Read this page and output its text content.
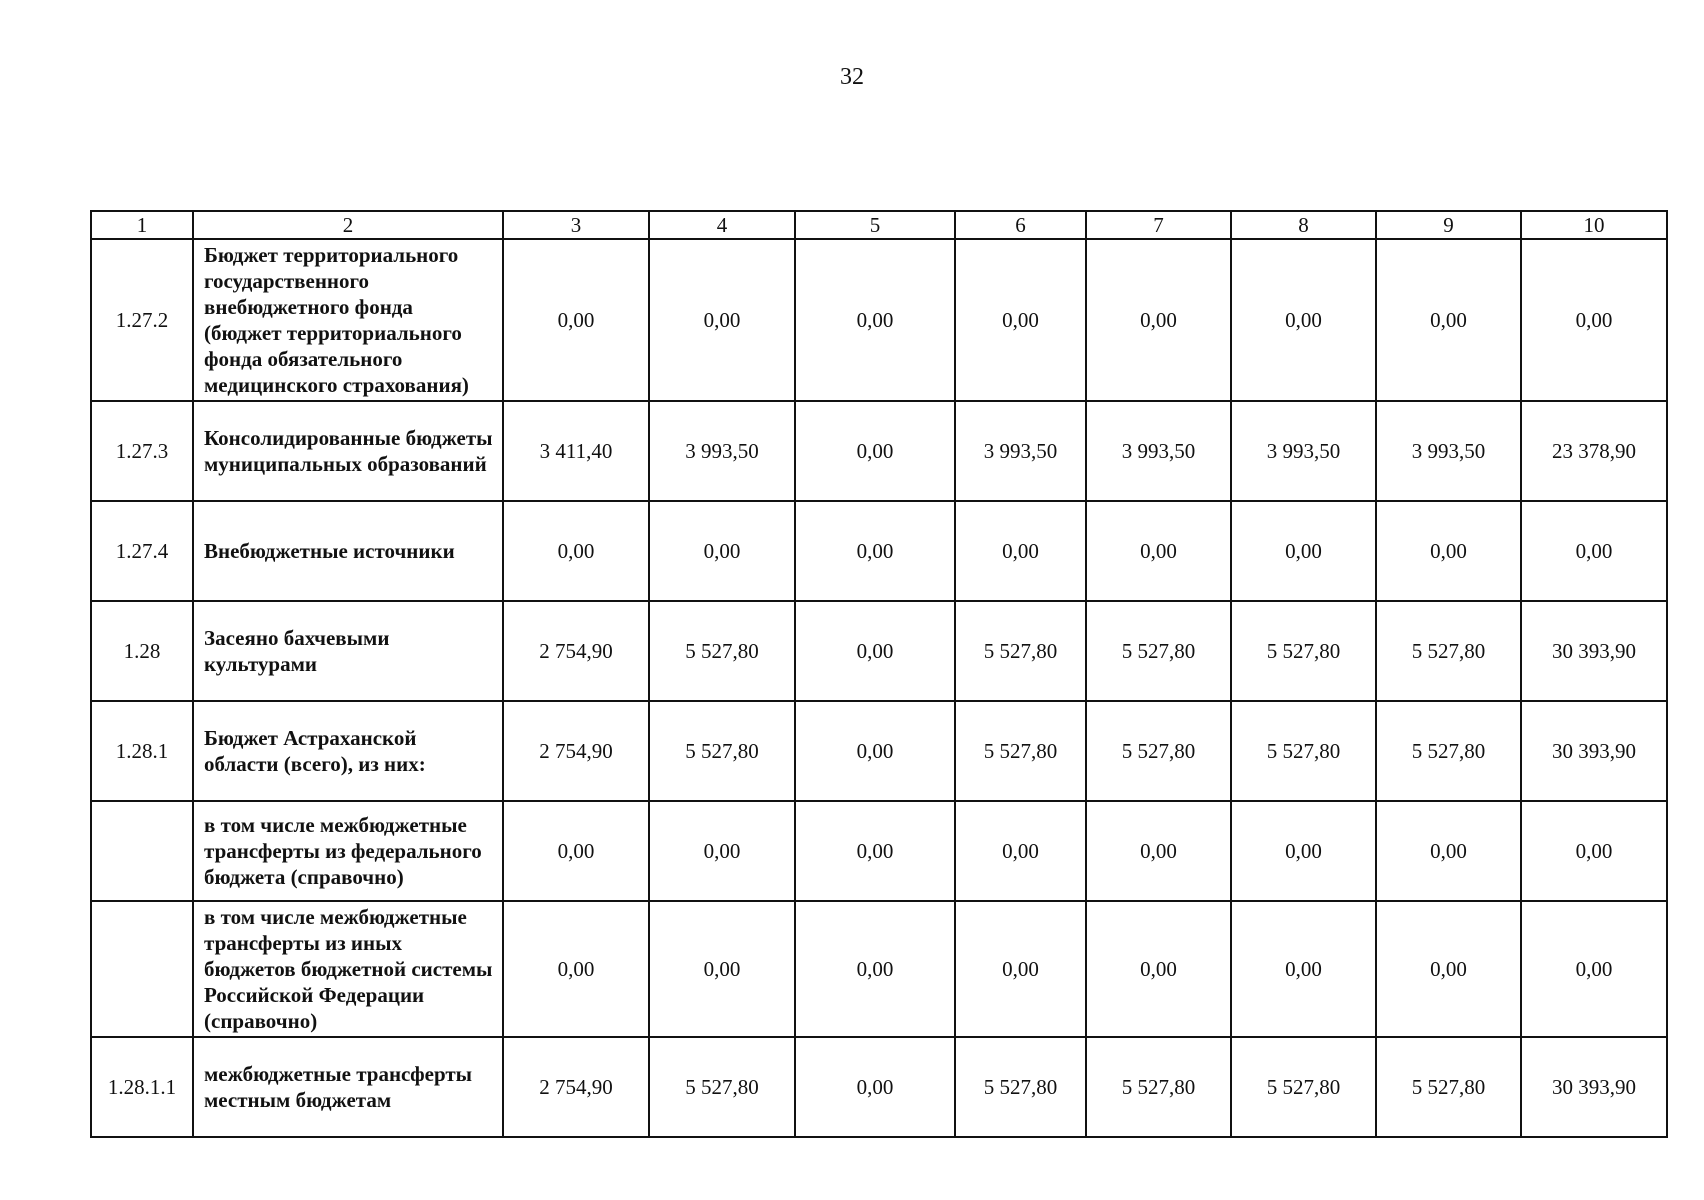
32
1	2	3	4	5	6	7	8	9	10
1.27.2	Бюджет территориального государственного внебюджетного фонда (бюджет территориального фонда обязательного медицинского страхования)	0,00	0,00	0,00	0,00	0,00	0,00	0,00	0,00
1.27.3	Консолидированные бюджеты муниципальных образований	3 411,40	3 993,50	0,00	3 993,50	3 993,50	3 993,50	3 993,50	23 378,90
1.27.4	Внебюджетные источники	0,00	0,00	0,00	0,00	0,00	0,00	0,00	0,00
1.28	Засеяно бахчевыми культурами	2 754,90	5 527,80	0,00	5 527,80	5 527,80	5 527,80	5 527,80	30 393,90
1.28.1	Бюджет Астраханской области (всего), из них:	2 754,90	5 527,80	0,00	5 527,80	5 527,80	5 527,80	5 527,80	30 393,90
	в том числе межбюджетные трансферты из федерального бюджета (справочно)	0,00	0,00	0,00	0,00	0,00	0,00	0,00	0,00
	в том числе межбюджетные трансферты из иных бюджетов бюджетной системы Российской Федерации (справочно)	0,00	0,00	0,00	0,00	0,00	0,00	0,00	0,00
1.28.1.1	межбюджетные трансферты местным бюджетам	2 754,90	5 527,80	0,00	5 527,80	5 527,80	5 527,80	5 527,80	30 393,90
